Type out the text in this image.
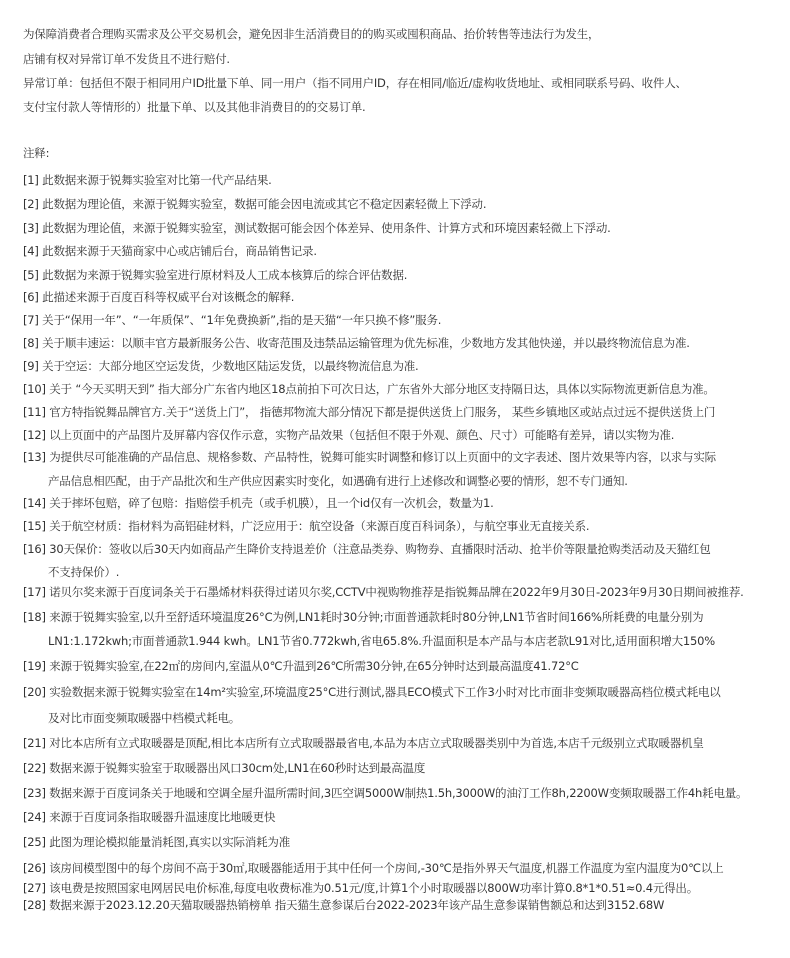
为保障消费者合理购买需求及公平交易机会，避免因非生活消费目的的购买或囤积商品、抬价转售等违法行为发生，
店铺有权对异常订单不发货且不进行赔付.
异常订单：包括但不限于相同用户ID批量下单、同一用户（指不同用户ID，存在相同/临近/虚构收货地址、或相同联系号码、收件人、
支付宝付款人等情形的）批量下单、以及其他非消费目的的交易订单.
注释:
[1] 此数据来源于锐舞实验室对比第一代产品结果.
[2] 此数据为理论值，来源于锐舞实验室，数据可能会因电流或其它不稳定因素轻微上下浮动.
[3] 此数据为理论值，来源于锐舞实验室，测试数据可能会因个体差异、使用条件、计算方式和环境因素轻微上下浮动.
[4] 此数据来源于天猫商家中心或店铺后台，商品销售记录.
[5] 此数据为来源于锐舞实验室进行原材料及人工成本核算后的综合评估数据.
[6] 此描述来源于百度百科等权威平台对该概念的解释.
[7] 关于“保用一年”、“一年质保”、“1年免费换新”,指的是天猫“一年只换不修”服务.
[8] 关于顺丰速运：以顺丰官方最新服务公告、收寄范围及违禁品运输管理为优先标准，少数地方发其他快递，并以最终物流信息为准.
[9] 关于空运：大部分地区空运发货，少数地区陆运发货，以最终物流信息为准.
[10] 关于 “今天买明天到” 指大部分广东省内地区18点前拍下可次日达，广东省外大部分地区支持隔日达，具体以实际物流更新信息为准。
[11] 官方特指锐舞品牌官方.关于“送货上门”， 指德邦物流大部分情况下都是提供送货上门服务， 某些乡镇地区或站点过远不提供送货上门
[12] 以上页面中的产品图片及屏幕内容仅作示意，实物产品效果（包括但不限于外观、颜色、尺寸）可能略有差异，请以实物为准.
[13] 为提供尽可能准确的产品信息、规格参数、产品特性，锐舞可能实时调整和修订以上页面中的文字表述、图片效果等内容，以求与实际
产品信息相匹配，由于产品批次和生产供应因素实时变化，如遇确有进行上述修改和调整必要的情形，恕不专门通知.
[14] 关于摔坏包赔，碎了包赔：指赔偿手机壳（或手机膜），且一个id仅有一次机会，数量为1.
[15] 关于航空材质：指材料为高铝硅材料，广泛应用于：航空设备（来源百度百科词条），与航空事业无直接关系.
[16] 30天保价：签收以后30天内如商品产生降价支持退差价（注意品类券、购物券、直播限时活动、抢半价等限量抢购类活动及天猫红包
不支持保价）.
[17] 诺贝尔奖来源于百度词条关于石墨烯材料获得过诺贝尔奖,CCTV中视购物推荐是指锐舞品牌在2022年9月30日-2023年9月30日期间被推荐.
[18] 来源于锐舞实验室,以升至舒适环境温度26°C为例,LN1耗时30分钟;市面普通款耗时80分钟,LN1节省时间166%所耗费的电量分别为
LN1:1.172kwh;市面普通款1.944 kwh。LN1节省0.772kwh,省电65.8%.升温面积是本产品与本店老款L91对比,适用面积增大150%
[19] 来源于锐舞实验室,在22㎡的房间内,室温从0℃升温到26℃所需30分钟,在65分钟时达到最高温度41.72°C
[20] 实验数据来源于锐舞实验室在14m²实验室,环境温度25°C进行测试,器具ECO模式下工作3小时对比市面非变频取暖器高档位模式耗电以
及对比市面变频取暖器中档模式耗电。
[21] 对比本店所有立式取暖器是顶配,相比本店所有立式取暖器最省电,本品为本店立式取暖器类别中为首选,本店千元级别立式取暖器机皇
[22] 数据来源于锐舞实验室于取暖器出风口30cm处,LN1在60秒时达到最高温度
[23] 数据来源于百度词条关于地暖和空调全屋升温所需时间,3匹空调5000W制热1.5h,3000W的油汀工作8h,2200W变频取暖器工作4h耗电量。
[24] 来源于百度词条指取暖器升温速度比地暖更快
[25] 此图为理论模拟能量消耗图,真实以实际消耗为准
[26] 该房间模型图中的每个房间不高于30㎡,取暖器能适用于其中任何一个房间,-30℃是指外界天气温度,机器工作温度为室内温度为0℃以上
[27] 该电费是按照国家电网居民电价标准,每度电收费标准为0.51元/度,计算1个小时取暖器以800W功率计算0.8*1*0.51≈0.4元得出。
[28] 数据来源于2023.12.20天猫取暖器热销榜单 指天猫生意参谋后台2022-2023年该产品生意参谋销售额总和达到3152.68W
